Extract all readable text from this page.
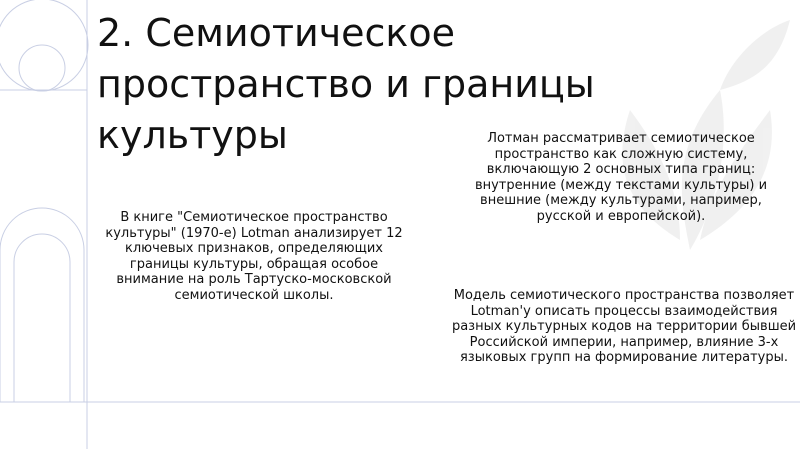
2. Семиотическое пространство и границы культуры

В книге "Семиотическое пространство культуры" (1970-е) Lotman анализирует 12 ключевых признаков, определяющих границы культуры, обращая особое внимание на роль Тартуско-московской семиотической школы.

Лотман рассматривает семиотическое пространство как сложную систему, включающую 2 основных типа границ: внутренние (между текстами культуры) и внешние (между культурами, например, русской и европейской).

Модель семиотического пространства позволяет Lotman'у описать процессы взаимодействия разных культурных кодов на территории бывшей Российской империи, например, влияние 3-х языковых групп на формирование литературы.
